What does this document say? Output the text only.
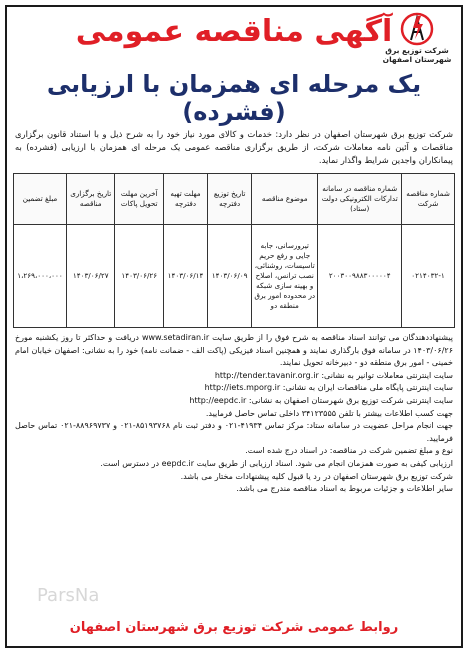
شرکت توزیع برق
شهرستان اصفهان
آگهی مناقصه عمومی
یک مرحله ای همزمان با ارزیابی (فشرده)
شرکت توزیع برق شهرستان اصفهان در نظر دارد: خدمات و کالای مورد نیاز خود را به شرح ذیل و با استناد قانون برگزاری مناقصات و آئین نامه معاملات شرکت، از طریق برگزاری مناقصه عمومی یک مرحله ای همزمان با ارزیابی (فشرده) به پیمانکاران واجدین شرایط واگذار نماید.
شماره مناقصه شرکت	شماره مناقصه در سامانه تدارکات الکترونیکی دولت (ستاد)	موضوع مناقصه	تاریخ توزیع دفترچه	مهلت تهیه دفترچه	آخرین مهلت تحویل پاکات	تاریخ برگزاری مناقصه	مبلغ تضمین
۰۲۱۴۰۳۲-۱	۲۰۰۳۰۰۹۸۸۳۰۰۰۰۰۴	تیرورسانی، جابه جایی و رفع حریم تاسیسات، روشنائی، نصب ترانس، اصلاح و بهینه سازی شبکه در محدوده امور برق منطقه دو	۱۴۰۳/۰۶/۰۹	۱۴۰۳/۰۶/۱۴	۱۴۰۳/۰۶/۲۶	۱۴۰۳/۰۶/۲۷	۱،۲۶۹،۰۰۰،۰۰۰

پیشنهاددهندگان می توانند اسناد مناقصه به شرح فوق را از طریق سایت www.setadiran.ir دریافت و حداکثر تا روز یکشنبه مورخ ۱۴۰۳/۰۶/۲۶ در سامانه فوق بارگذاری نمایند و همچنین اسناد فیزیکی (پاکت الف - ضمانت نامه) خود را به نشانی: اصفهان خیابان امام خمینی - امور برق منطقه دو - دبیرخانه تحویل نمایند.

سایت اینترنتی معاملات توانیر به نشانی: http://tender.tavanir.org.ir

سایت اینترنتی پایگاه ملی مناقصات ایران به نشانی: http://iets.mporg.ir

سایت اینترنتی شرکت توزیع برق شهرستان اصفهان به نشانی: http://eepdc.ir

جهت کسب اطلاعات بیشتر با تلفن ۳۴۱۲۳۵۵۵ داخلی تماس حاصل فرمایید.

جهت انجام مراحل عضویت در سامانه ستاد: مرکز تماس ۴۱۹۳۴-۰۲۱ و دفتر ثبت نام ۸۵۱۹۳۷۶۸-۰۲۱ و ۸۸۹۶۹۷۳۷-۰۲۱ تماس حاصل فرمایید.

نوع و مبلغ تضمین شرکت در مناقصه: در اسناد درج شده است.

ارزیابی کیفی به صورت همزمان انجام می شود. اسناد ارزیابی از طریق سایت eepdc.ir در دسترس است.

شرکت توزیع برق شهرستان اصفهان در رد یا قبول کلیه پیشنهادات مختار می باشد.

سایر اطلاعات و جزئیات مربوط به اسناد مناقصه مندرج می باشد.

ParsNa
روابط عمومی شرکت توزیع برق شهرستان اصفهان
